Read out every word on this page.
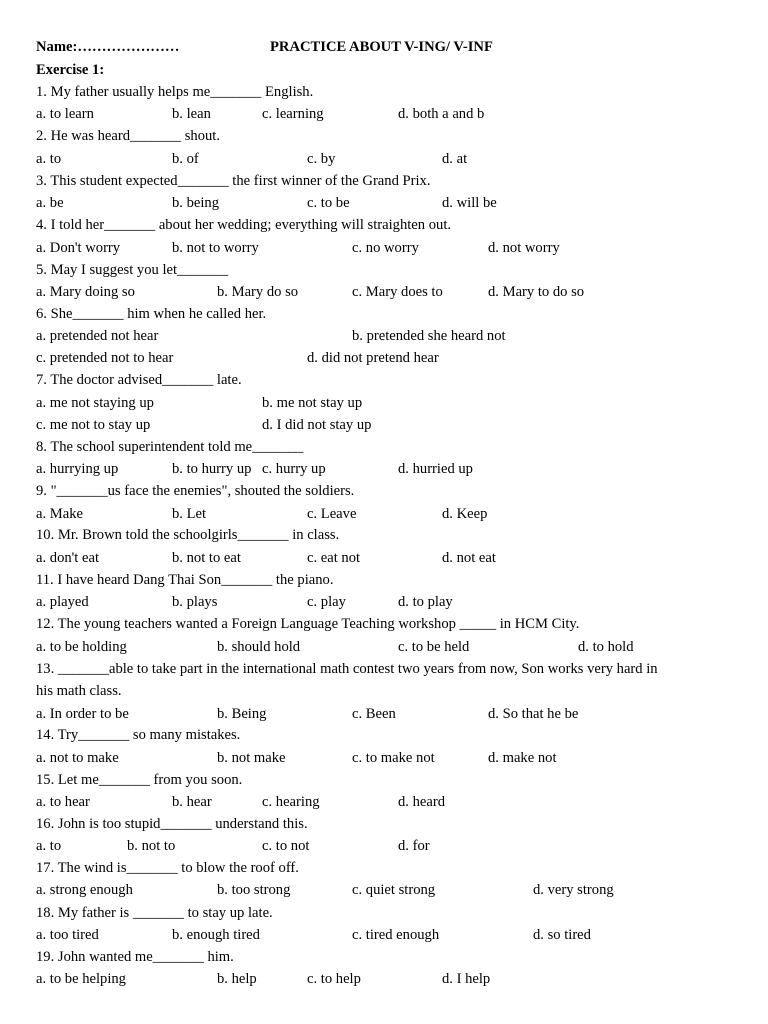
Name:…………………	PRACTICE ABOUT V-ING/ V-INF
Exercise 1:
1. My father usually helps me_______ English.
a. to learn	b. lean	c. learning	d. both a and b
2. He was heard_______ shout.
a. to	b. of	c. by	d. at
3. This student expected_______ the first winner of the Grand Prix.
a. be	b. being	c. to be	d. will be
4. I told her_______ about her wedding; everything will straighten out.
a. Don't worry	b. not to worry	c. no worry	d. not worry
5. May I suggest you let_______
a. Mary doing so	b. Mary do so	c. Mary does to	d. Mary to do so
6. She_______ him when he called her.
a. pretended not hear	b. pretended she heard not
c. pretended not to hear	d. did not pretend hear
7. The doctor advised_______ late.
a. me not staying up	b. me not stay up
c. me not to stay up	d. I did not stay up
8. The school superintendent told me_______
a. hurrying up	b. to hurry up c. hurry up	d. hurried up
9. "_______us face the enemies", shouted the soldiers.
a. Make	b. Let	c. Leave	d. Keep
10. Mr. Brown told the schoolgirls_______ in class.
a. don't eat	b. not to eat	c. eat not	d. not eat
11. I have heard Dang Thai Son_______ the piano.
a. played	b. plays	c. play	d. to play
12. The young teachers wanted a Foreign Language Teaching workshop _____ in HCM City.
a. to be holding	b. should hold	c. to be held	d. to hold
13. _______able to take part in the international math contest two years from now, Son works very hard in
his math class.
a. In order to be	b. Being	c. Been	d. So that he be
14. Try_______ so many mistakes.
a. not to make	b. not make	c. to make not	d. make not
15. Let me_______ from you soon.
a. to hear	b. hear	c. hearing	d. heard
16. John is too stupid_______ understand this.
a. to	b. not to	c. to not	d. for
17. The wind is_______ to blow the roof off.
a. strong enough	b. too strong	c. quiet strong	d. very strong
18. My father is _______ to stay up late.
a. too tired	b. enough tired	c. tired enough	d. so tired
19. John wanted me_______ him.
a. to be helping	b. help	c. to help	d. I help
